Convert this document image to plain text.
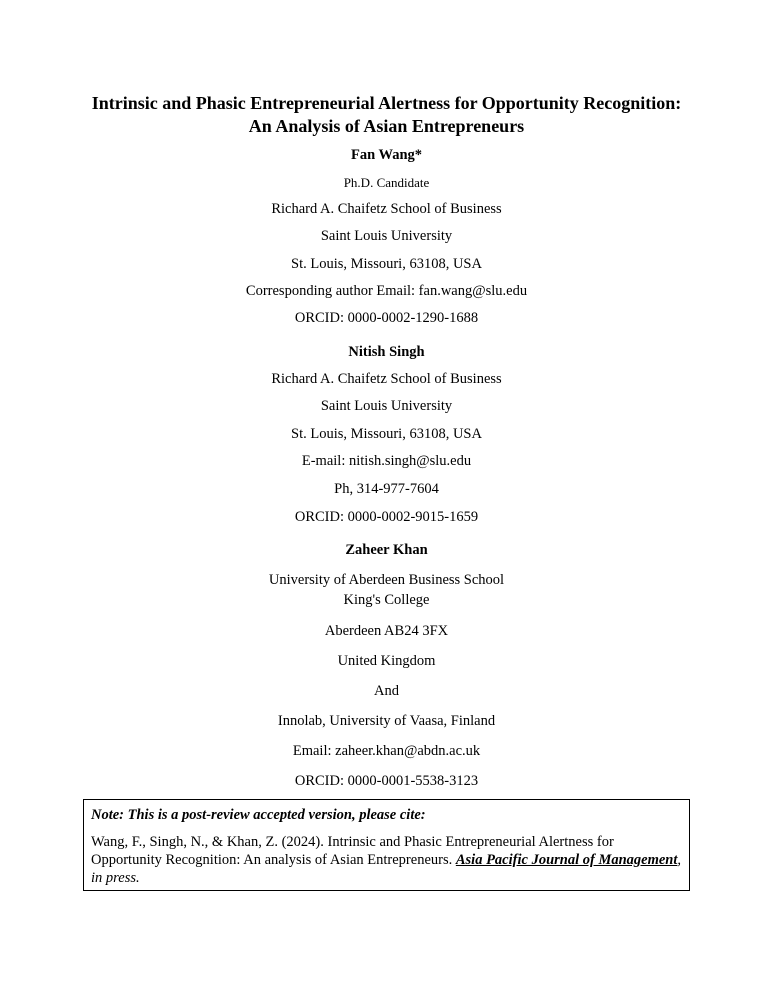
Intrinsic and Phasic Entrepreneurial Alertness for Opportunity Recognition:
An Analysis of Asian Entrepreneurs
Fan Wang*
Ph.D. Candidate
Richard A. Chaifetz School of Business
Saint Louis University
St. Louis, Missouri, 63108, USA
Corresponding author Email: fan.wang@slu.edu
ORCID: 0000-0002-1290-1688
Nitish Singh
Richard A. Chaifetz School of Business
Saint Louis University
St. Louis, Missouri, 63108, USA
E-mail: nitish.singh@slu.edu
Ph, 314-977-7604
ORCID: 0000-0002-9015-1659
Zaheer Khan
University of Aberdeen Business School
King's College
Aberdeen AB24 3FX
United Kingdom
And
Innolab, University of Vaasa, Finland
Email: zaheer.khan@abdn.ac.uk
ORCID: 0000-0001-5538-3123
Note: This is a post-review accepted version, please cite:
Wang, F., Singh, N., & Khan, Z. (2024). Intrinsic and Phasic Entrepreneurial Alertness for Opportunity Recognition: An analysis of Asian Entrepreneurs. Asia Pacific Journal of Management, in press.
